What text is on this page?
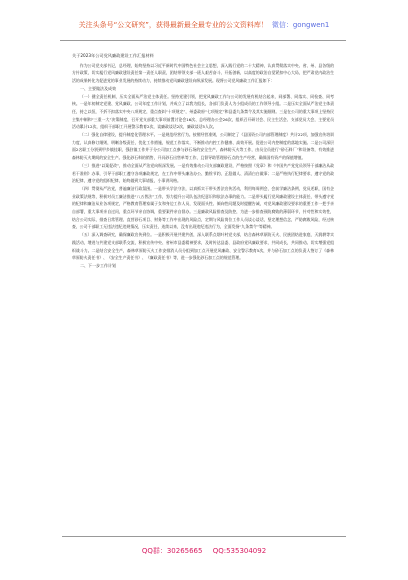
关注头条号“公文研究”，获得最新最全最专业的公文资料库！ 微信：gongwen1

关于2023年公司党风廉政建设工作汇报材料

作为公司党支部书记，总经理，始终坚持以习近平新时代中国特色社会主义思想，深入践行党的二十大精神，认真贯彻落实中央、省、州、县各级的方针政策，切实履行党风廉政建设责任第一责任人职责，团结带领支部一班人艰苦奋斗、开拓创新，以高度的政治自觉紧扣中心大局，把严肃党内政治生活的成果转化为促进党的事业发展的持续动力，持续推动党风廉政建设向纵深发展。现将公司党风廉政工作汇报如下：

一、主要做法及成效

（一）健全责任机制，压实全面从严治党主体责任。坚持党建引领，把党风廉政工作与公司的发展有机结合起来，同部署、同落实、同检查、同考核。一是年初制定党建、党风廉政、公司年度工作计划，并成立了以我为组长，各部门负责人为小组成员的工作领导小组。二是压实全面从严治党主体责任，持之以恒，不折不扣落实中央八项规定，重点查纠“十项规定”，州委政府“七项规定”和县委九条禁令及其实施细则。三是在公司的重大事项上坚持民主集中制和“三重一大”决策制度，召开党支部重大事项前置讨论会16次、总经理办公会26次，组织召开研讨会、民主生活会、支部党员大会，主要党员活动累计12次，组织干部职工开展警示教育2次，谈廉政谈话2次，廉政谈话5人次。

（二）强化自律建设，提升制度化管理水平。一是规范经营行为。按照经营准则，公司制定了《县国资公司内部管理制度》共计22项，加强宣传培训力度，认真修订细则，明晰各级责任，优化工作措施，规范工作落实，不断推动内控工作健康、高效开展。促进公司内控制度的落地实施。二是公司深层面2名职工分别到甲乡镇挂职，强驻镇工作并于分公司加工点参与砂石场的安全生产，森林防灭火等工作，由员全员进行“砂石料厂”和设备等，有效推进森林防灭火期间的安全生产。强化砂石料的销售，开具砂石出售单等工作，且督导助管理砂石点的生产经营，确保国有资产的保值增值。

（三）推进“以案促改”，推动全面从严治党向纵深发展。一是有效推动公司支部廉政建设，严格按照《党章》和《中国共产党党员领导干部廉洁从政若干准则》办事，引导干部职工遵守各项廉政规定，在工作中带头廉洁办公、勤俭节约、正派做人、清清白白做事；二是严格执行纪律要求，遵守党的政治纪律，遵守党的组织纪律，始终做到大事请报，小事讲风格。

（四）贯彻从严治党，普遍廉洁行政氛围。一是带头学法守法，以真抓实干带头普法宣传活动，利用每周例会，会前学廉洁条例，党员述职，国有企业政策法规等，积极对员工廉洁推进“八五普法”工作，努力提升公司队伍法纪意识和依法办事的能力。二是带头履行党风廉政建设主体责任，带头遵守党的纪律和廉洁从业各项规定，严格教育管理家属子女和身边工作人员，发现面头性、倾向性问题及时提醒告诫，对党风廉政建设要求的重要工作一把手亲自部署，重大事项亲自过问，重点环节亲自协调，重要案件亲自督办。三是廉政风险排查及防控，为进一步排查预防腐败的薄弱环节，针对性和实效性，结合公司实际，排查日常管理、直营砂石项目、财务等工作中出现的风险点，定期与风险岗位工作人员谈心谈话，坚定理想信念，严防腐败风险，经过核查，公司干部职工无违法违纪违规情况，压实责任，连续以来，没有出现违纪违法行为，全面发扬“九条禁令”等精神。

（五）深入调查研究，确保廉政宣传到位。一是积极开展共建共创，深入联系点烟叶村党支部，结合森林草原防灭火、民族团结进家庭，天润耕等实践活动，增进与共建党支部联系交流，积极宣传中央、省州市县委精神要求，及时传达县委、县政府党风廉政要求，共同成长，共同推动。切实增强党组织战斗力。二是结合安全生产，森林草原防灭火工作安排消人员分组到加工点开展党风廉政、安全警示教育5次，并与砂石加工点的负责人签订了《森林草原防火责任书》、《安全生产责任书》、《廉政责任书》等，进一步强化砂石加工点的规范管理。

二、下一步工作计划

QQ群：30265665 QQ:535304092
